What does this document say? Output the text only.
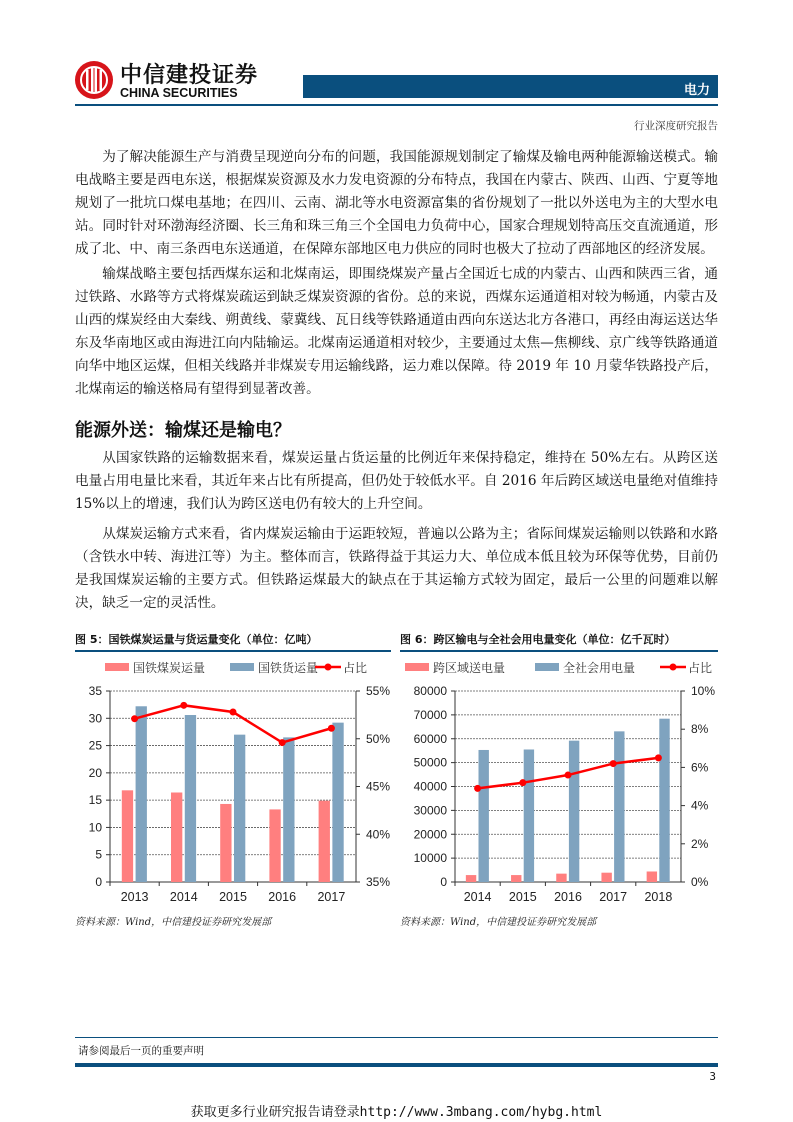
中信建投证券
CHINA SECURITIES	电力
行业深度研究报告
为了解决能源生产与消费呈现逆向分布的问题，我国能源规划制定了输煤及输电两种能源输送模式。输电战略主要是西电东送，根据煤炭资源及水力发电资源的分布特点，我国在内蒙古、陕西、山西、宁夏等地规划了一批坑口煤电基地；在四川、云南、湖北等水电资源富集的省份规划了一批以外送电为主的大型水电站。同时针对环渤海经济圈、长三角和珠三角三个全国电力负荷中心，国家合理规划特高压交直流通道，形成了北、中、南三条西电东送通道，在保障东部地区电力供应的同时也极大了拉动了西部地区的经济发展。
输煤战略主要包括西煤东运和北煤南运，即围绕煤炭产量占全国近七成的内蒙古、山西和陕西三省，通过铁路、水路等方式将煤炭疏运到缺乏煤炭资源的省份。总的来说，西煤东运通道相对较为畅通，内蒙古及山西的煤炭经由大秦线、朔黄线、蒙冀线、瓦日线等铁路通道由西向东送达北方各港口，再经由海运送达华东及华南地区或由海进江向内陆输运。北煤南运通道相对较少，主要通过太焦—焦柳线、京广线等铁路通道向华中地区运煤，但相关线路并非煤炭专用运输线路，运力难以保障。待 2019 年 10 月蒙华铁路投产后，北煤南运的输送格局有望得到显著改善。
能源外送：输煤还是输电？
从国家铁路的运输数据来看，煤炭运量占货运量的比例近年来保持稳定，维持在 50%左右。从跨区送电量占用电量比来看，其近年来占比有所提高，但仍处于较低水平。自 2016 年后跨区域送电量绝对值维持 15%以上的增速，我们认为跨区送电仍有较大的上升空间。
从煤炭运输方式来看，省内煤炭运输由于运距较短，普遍以公路为主；省际间煤炭运输则以铁路和水路（含铁水中转、海进江等）为主。整体而言，铁路得益于其运力大、单位成本低且较为环保等优势，目前仍是我国煤炭运输的主要方式。但铁路运煤最大的缺点在于其运输方式较为固定，最后一公里的问题难以解决，缺乏一定的灵活性。
图 5：国铁煤炭运量与货运量变化（单位：亿吨）
国铁煤炭运量	国铁货运量 占比
0
5
10
15
20
25
30
35
35%
40%
45%
50%
55%
2013 2014 2015 2016 2017
资料来源：Wind，中信建投证券研究发展部
图 6：跨区输电与全社会用电量变化（单位：亿千瓦时）
跨区域送电量	全社会用电量	占比
0
10000
20000
30000
40000
50000
60000
70000
80000
0%
2%
4%
6%
8%
10%
2014 2015 2016 2017 2018
资料来源：Wind，中信建投证券研究发展部
请参阅最后一页的重要声明
3
获取更多行业研究报告请登录http://www.3mbang.com/hybg.html
